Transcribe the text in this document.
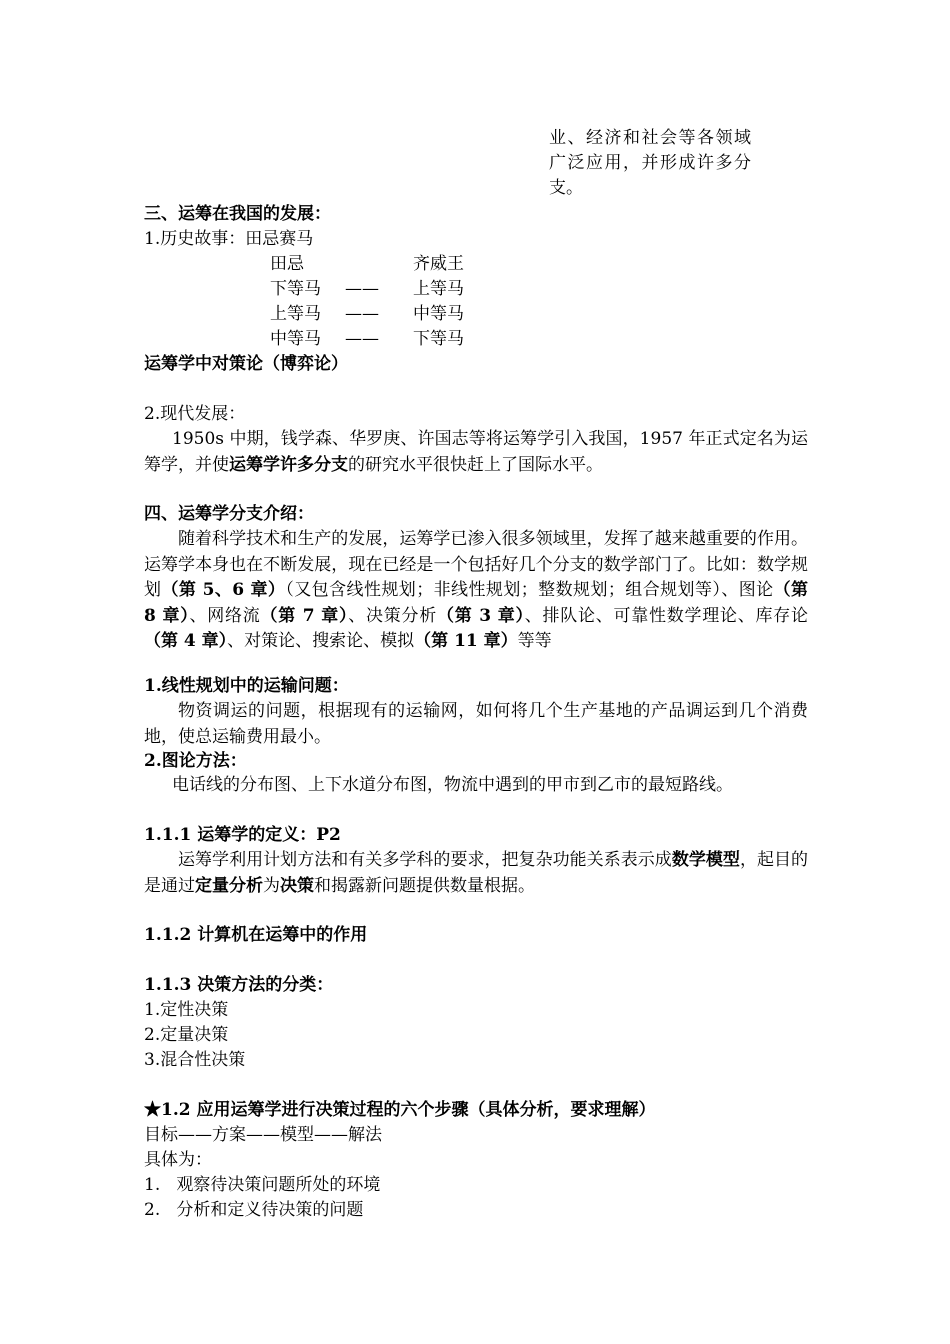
业、经济和社会等各领域
广泛应用，并形成许多分
支。
三、运筹在我国的发展：
1.历史故事：田忌赛马
田忌	齐威王
下等马 —— 上等马
上等马 —— 中等马
中等马 —— 下等马
运筹学中对策论（博弈论）
2.现代发展：
1950s 中期，钱学森、华罗庚、许国志等将运筹学引入我国，1957 年正式定名为运筹学，并使运筹学许多分支的研究水平很快赶上了国际水平。
四、运筹学分支介绍：
随着科学技术和生产的发展，运筹学已渗入很多领域里，发挥了越来越重要的作用。运筹学本身也在不断发展，现在已经是一个包括好几个分支的数学部门了。比如：数学规划（第 5、6 章）（又包含线性规划；非线性规划；整数规划；组合规划等）、图论（第 8 章）、网络流（第 7 章）、决策分析（第 3 章）、排队论、可靠性数学理论、库存论（第 4 章）、对策论、搜索论、模拟（第 11 章）等等
1.线性规划中的运输问题：
物资调运的问题，根据现有的运输网，如何将几个生产基地的产品调运到几个消费地，使总运输费用最小。
2.图论方法：
电话线的分布图、上下水道分布图，物流中遇到的甲市到乙市的最短路线。
1.1.1 运筹学的定义：P2
运筹学利用计划方法和有关多学科的要求，把复杂功能关系表示成数学模型，起目的是通过定量分析为决策和揭露新问题提供数量根据。
1.1.2 计算机在运筹中的作用
1.1.3 决策方法的分类：
1.定性决策
2.定量决策
3.混合性决策
★1.2 应用运筹学进行决策过程的六个步骤（具体分析，要求理解）
目标——方案——模型——解法
具体为：
1.   观察待决策问题所处的环境
2.   分析和定义待决策的问题
